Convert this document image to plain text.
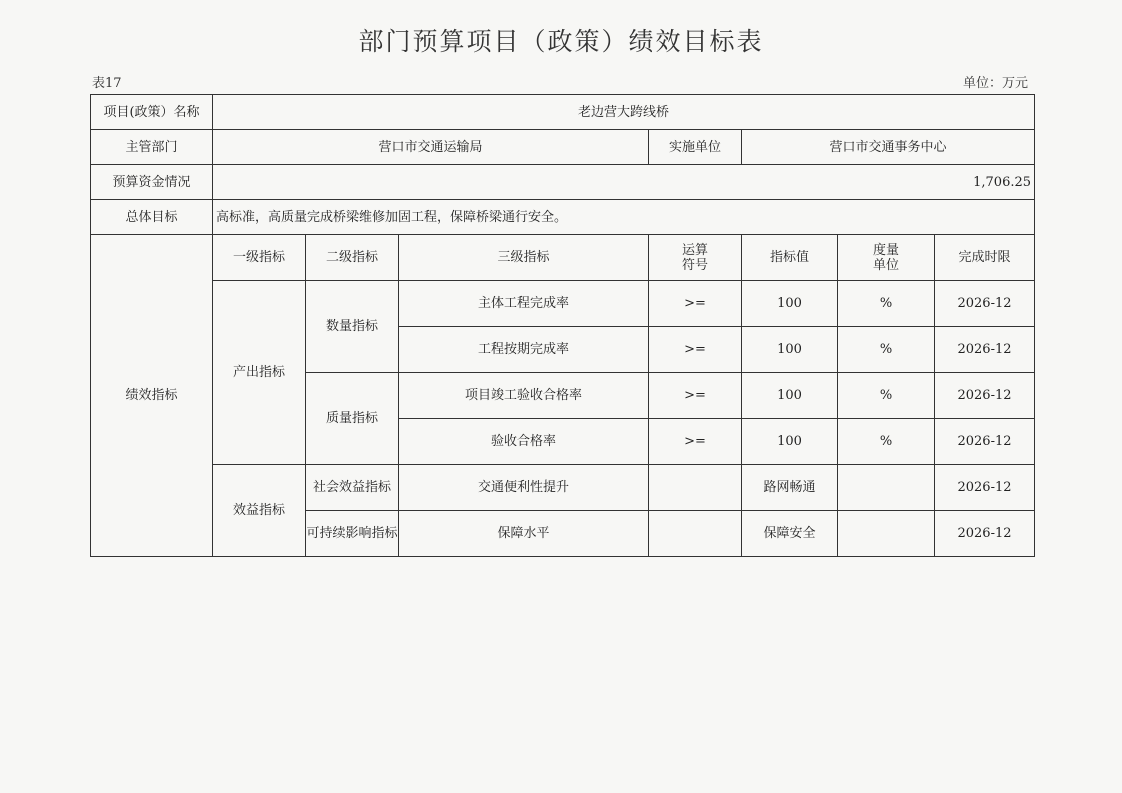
部门预算项目（政策）绩效目标表
表17	单位：万元
项目(政策）名称	老边营大跨线桥						
主管部门	营口市交通运输局			实施单位	营口市交通事务中心		
预算资金情况	1,706.25						
总体目标	高标准，高质量完成桥梁维修加固工程，保障桥梁通行安全。						
绩效指标	一级指标	二级指标	三级指标	运算符号	指标值	度量单位	完成时限
	产出指标	数量指标	主体工程完成率	>=	100	%	2026-12
			工程按期完成率	>=	100	%	2026-12
		质量指标	项目竣工验收合格率	>=	100	%	2026-12
			验收合格率	>=	100	%	2026-12
	效益指标	社会效益指标	交通便利性提升		路网畅通		2026-12
		可持续影响指标	保障水平		保障安全		2026-12
